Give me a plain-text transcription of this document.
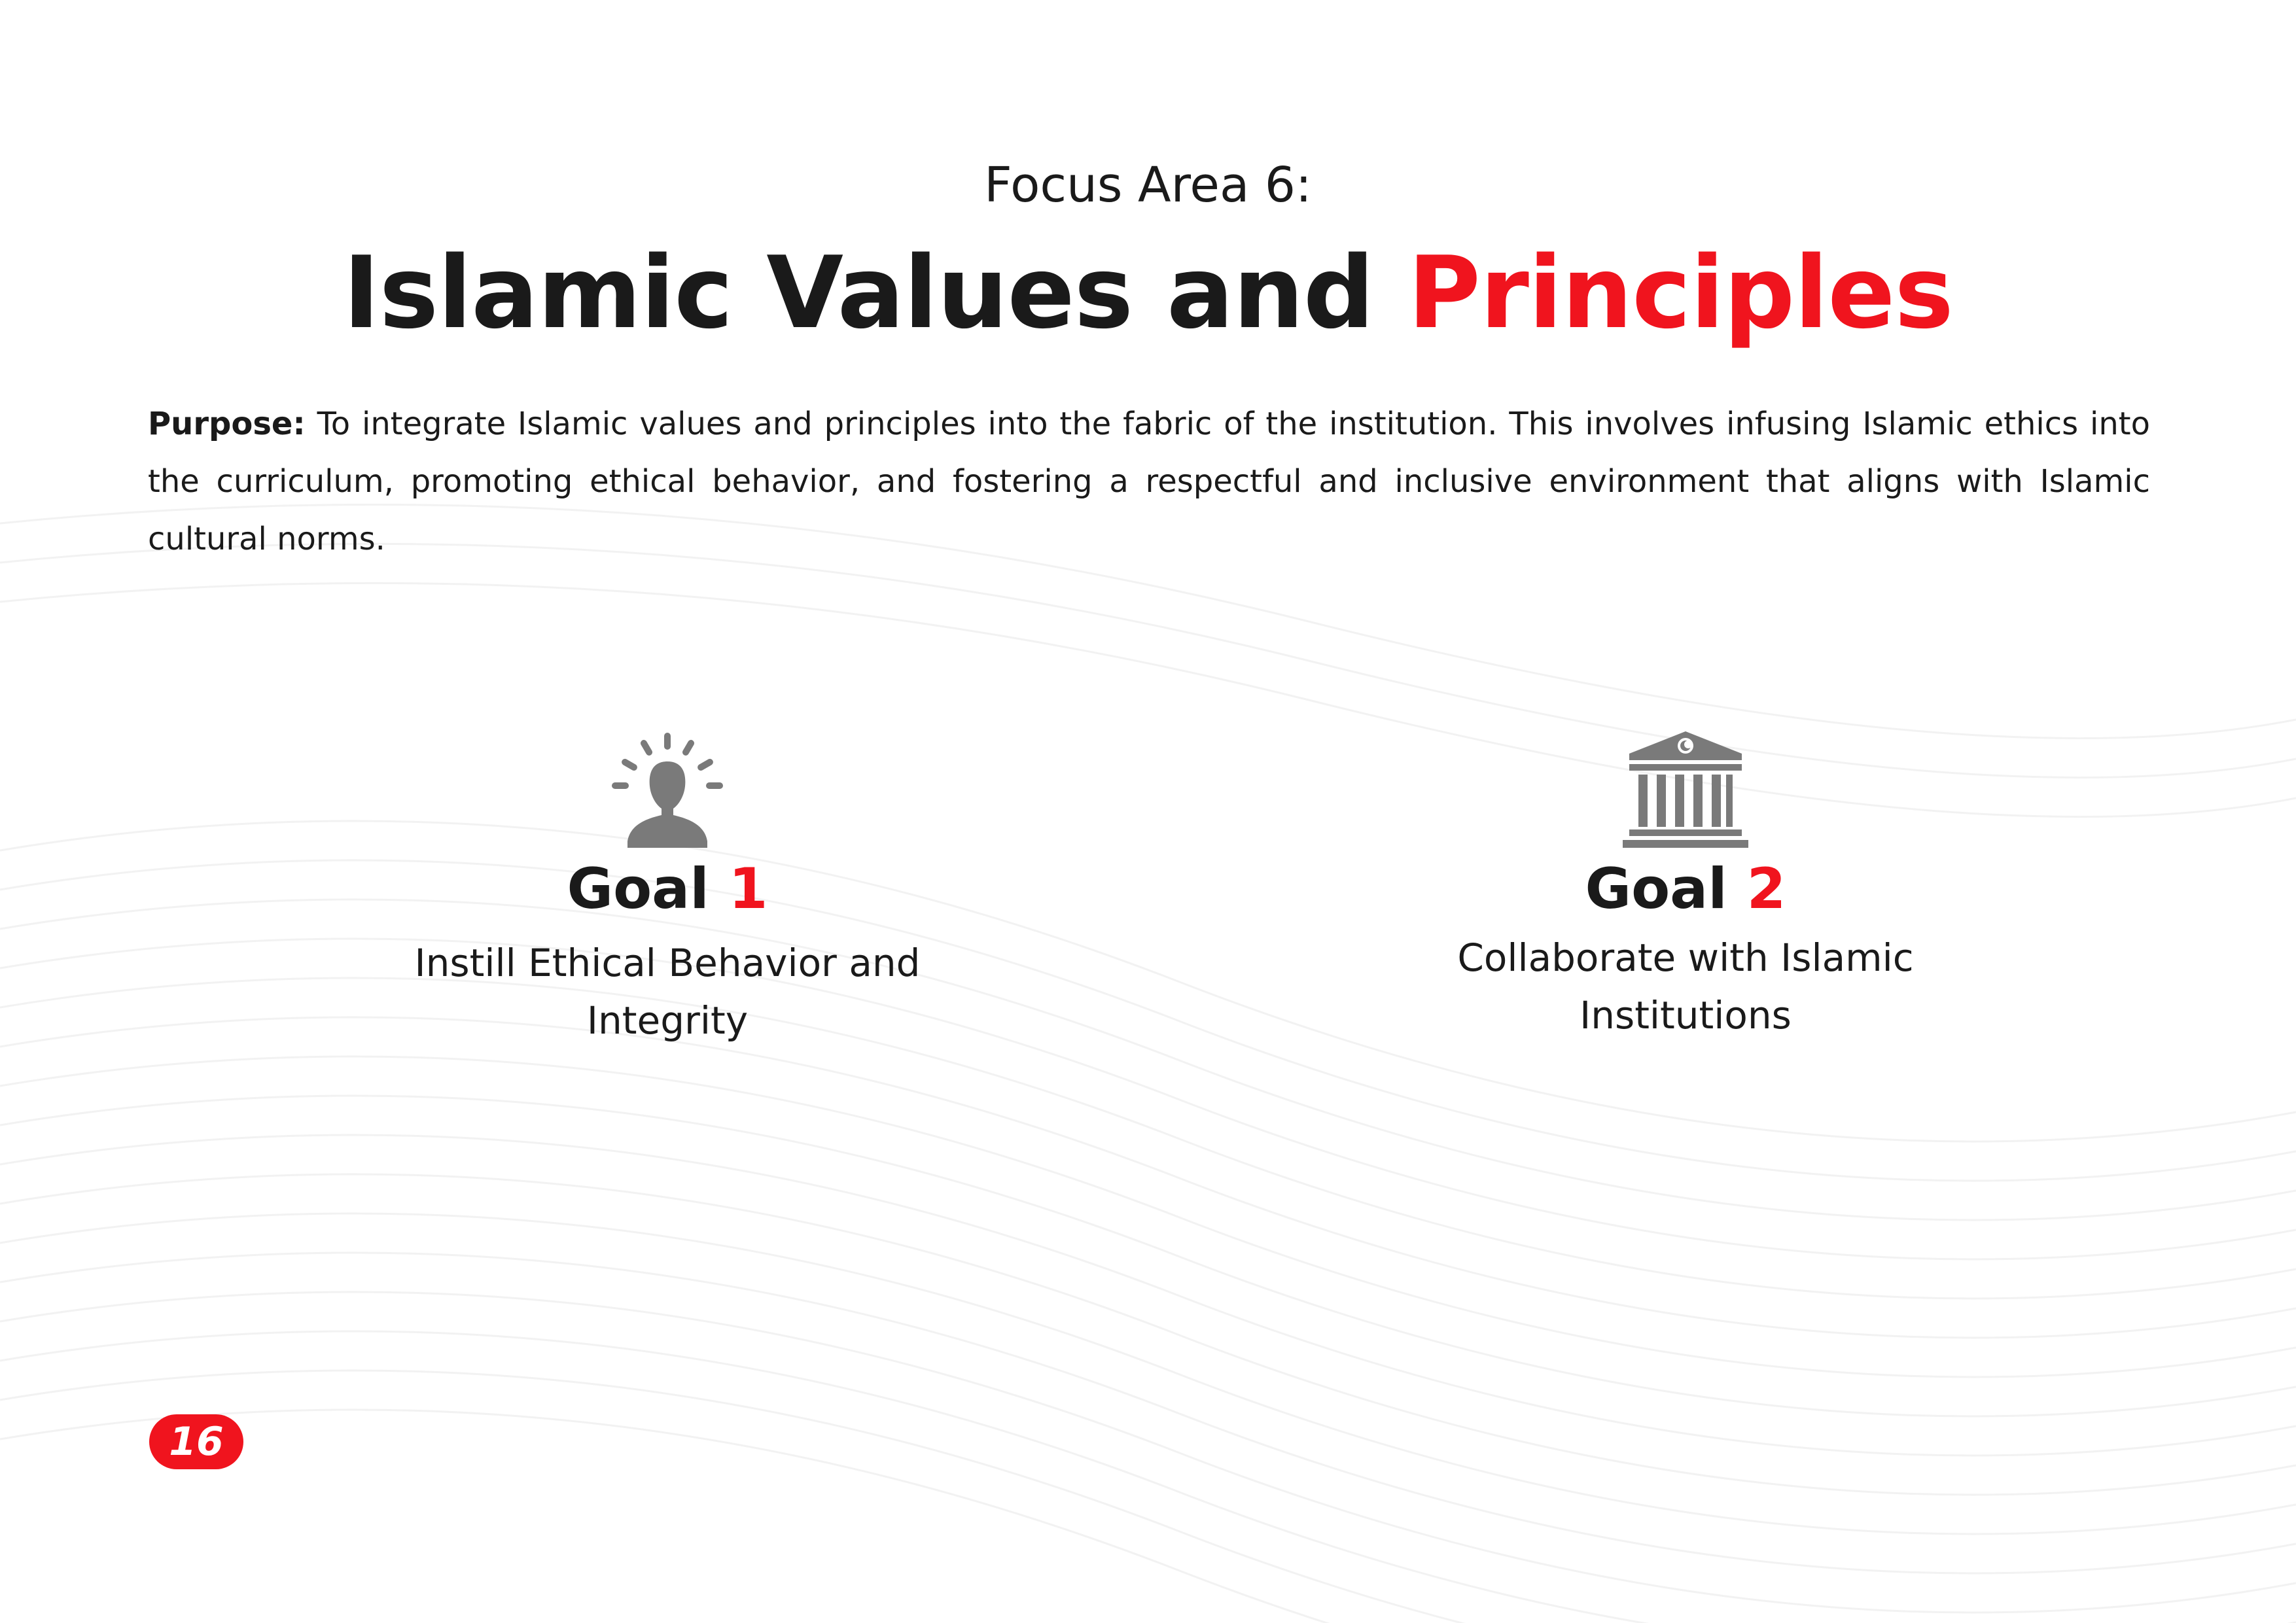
Focus Area 6:
Islamic Values and Principles
Purpose: To integrate Islamic values and principles into the fabric of the institution. This involves infusing Islamic ethics into the curriculum, promoting ethical behavior, and fostering a respectful and inclusive environment that aligns with Islamic cultural norms.
Goal 1
Instill Ethical Behavior and
Integrity
Goal 2
Collaborate with Islamic
Institutions
16
